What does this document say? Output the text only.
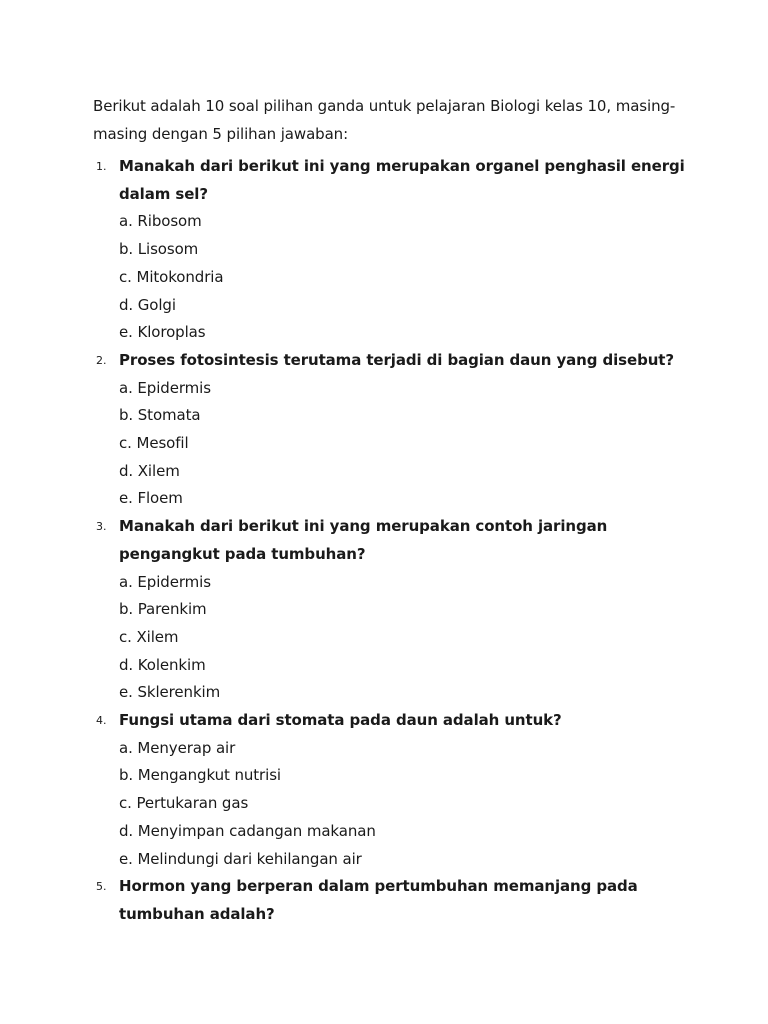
Berikut adalah 10 soal pilihan ganda untuk pelajaran Biologi kelas 10, masing-masing dengan 5 pilihan jawaban:

1. Manakah dari berikut ini yang merupakan organel penghasil energi dalam sel?
a. Ribosom
b. Lisosom
c. Mitokondria
d. Golgi
e. Kloroplas
2. Proses fotosintesis terutama terjadi di bagian daun yang disebut?
a. Epidermis
b. Stomata
c. Mesofil
d. Xilem
e. Floem
3. Manakah dari berikut ini yang merupakan contoh jaringan pengangkut pada tumbuhan?
a. Epidermis
b. Parenkim
c. Xilem
d. Kolenkim
e. Sklerenkim
4. Fungsi utama dari stomata pada daun adalah untuk?
a. Menyerap air
b. Mengangkut nutrisi
c. Pertukaran gas
d. Menyimpan cadangan makanan
e. Melindungi dari kehilangan air
5. Hormon yang berperan dalam pertumbuhan memanjang pada tumbuhan adalah?
